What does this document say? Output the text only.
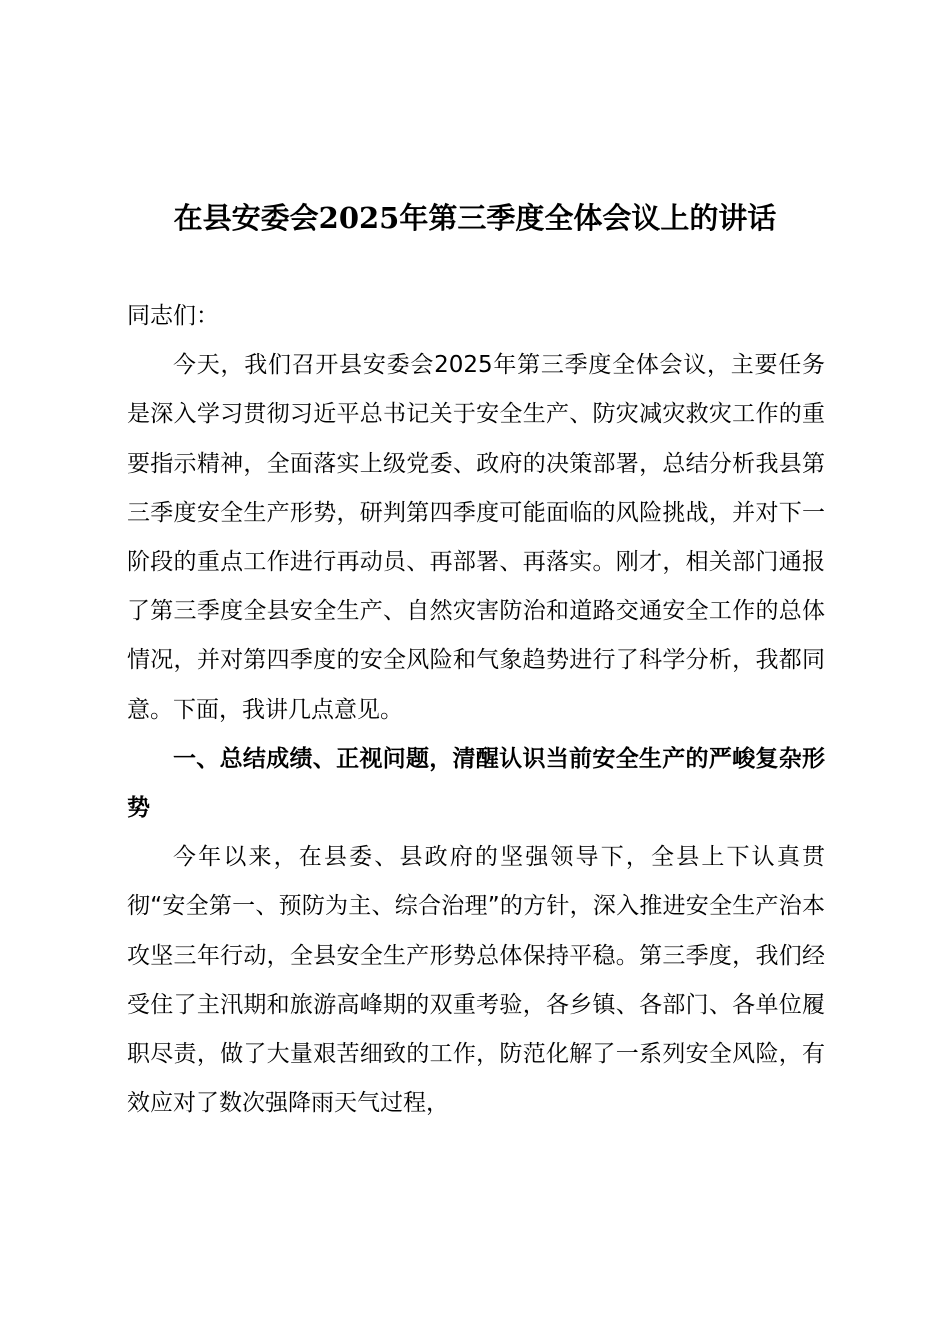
在县安委会2025年第三季度全体会议上的讲话

同志们：

今天，我们召开县安委会2025年第三季度全体会议，主要任务是深入学习贯彻习近平总书记关于安全生产、防灾减灾救灾工作的重要指示精神，全面落实上级党委、政府的决策部署，总结分析我县第三季度安全生产形势，研判第四季度可能面临的风险挑战，并对下一阶段的重点工作进行再动员、再部署、再落实。刚才，相关部门通报了第三季度全县安全生产、自然灾害防治和道路交通安全工作的总体情况，并对第四季度的安全风险和气象趋势进行了科学分析，我都同意。下面，我讲几点意见。

一、总结成绩、正视问题，清醒认识当前安全生产的严峻复杂形势

今年以来，在县委、县政府的坚强领导下，全县上下认真贯彻“安全第一、预防为主、综合治理”的方针，深入推进安全生产治本攻坚三年行动，全县安全生产形势总体保持平稳。第三季度，我们经受住了主汛期和旅游高峰期的双重考验，各乡镇、各部门、各单位履职尽责，做了大量艰苦细致的工作，防范化解了一系列安全风险，有效应对了数次强降雨天气过程，
